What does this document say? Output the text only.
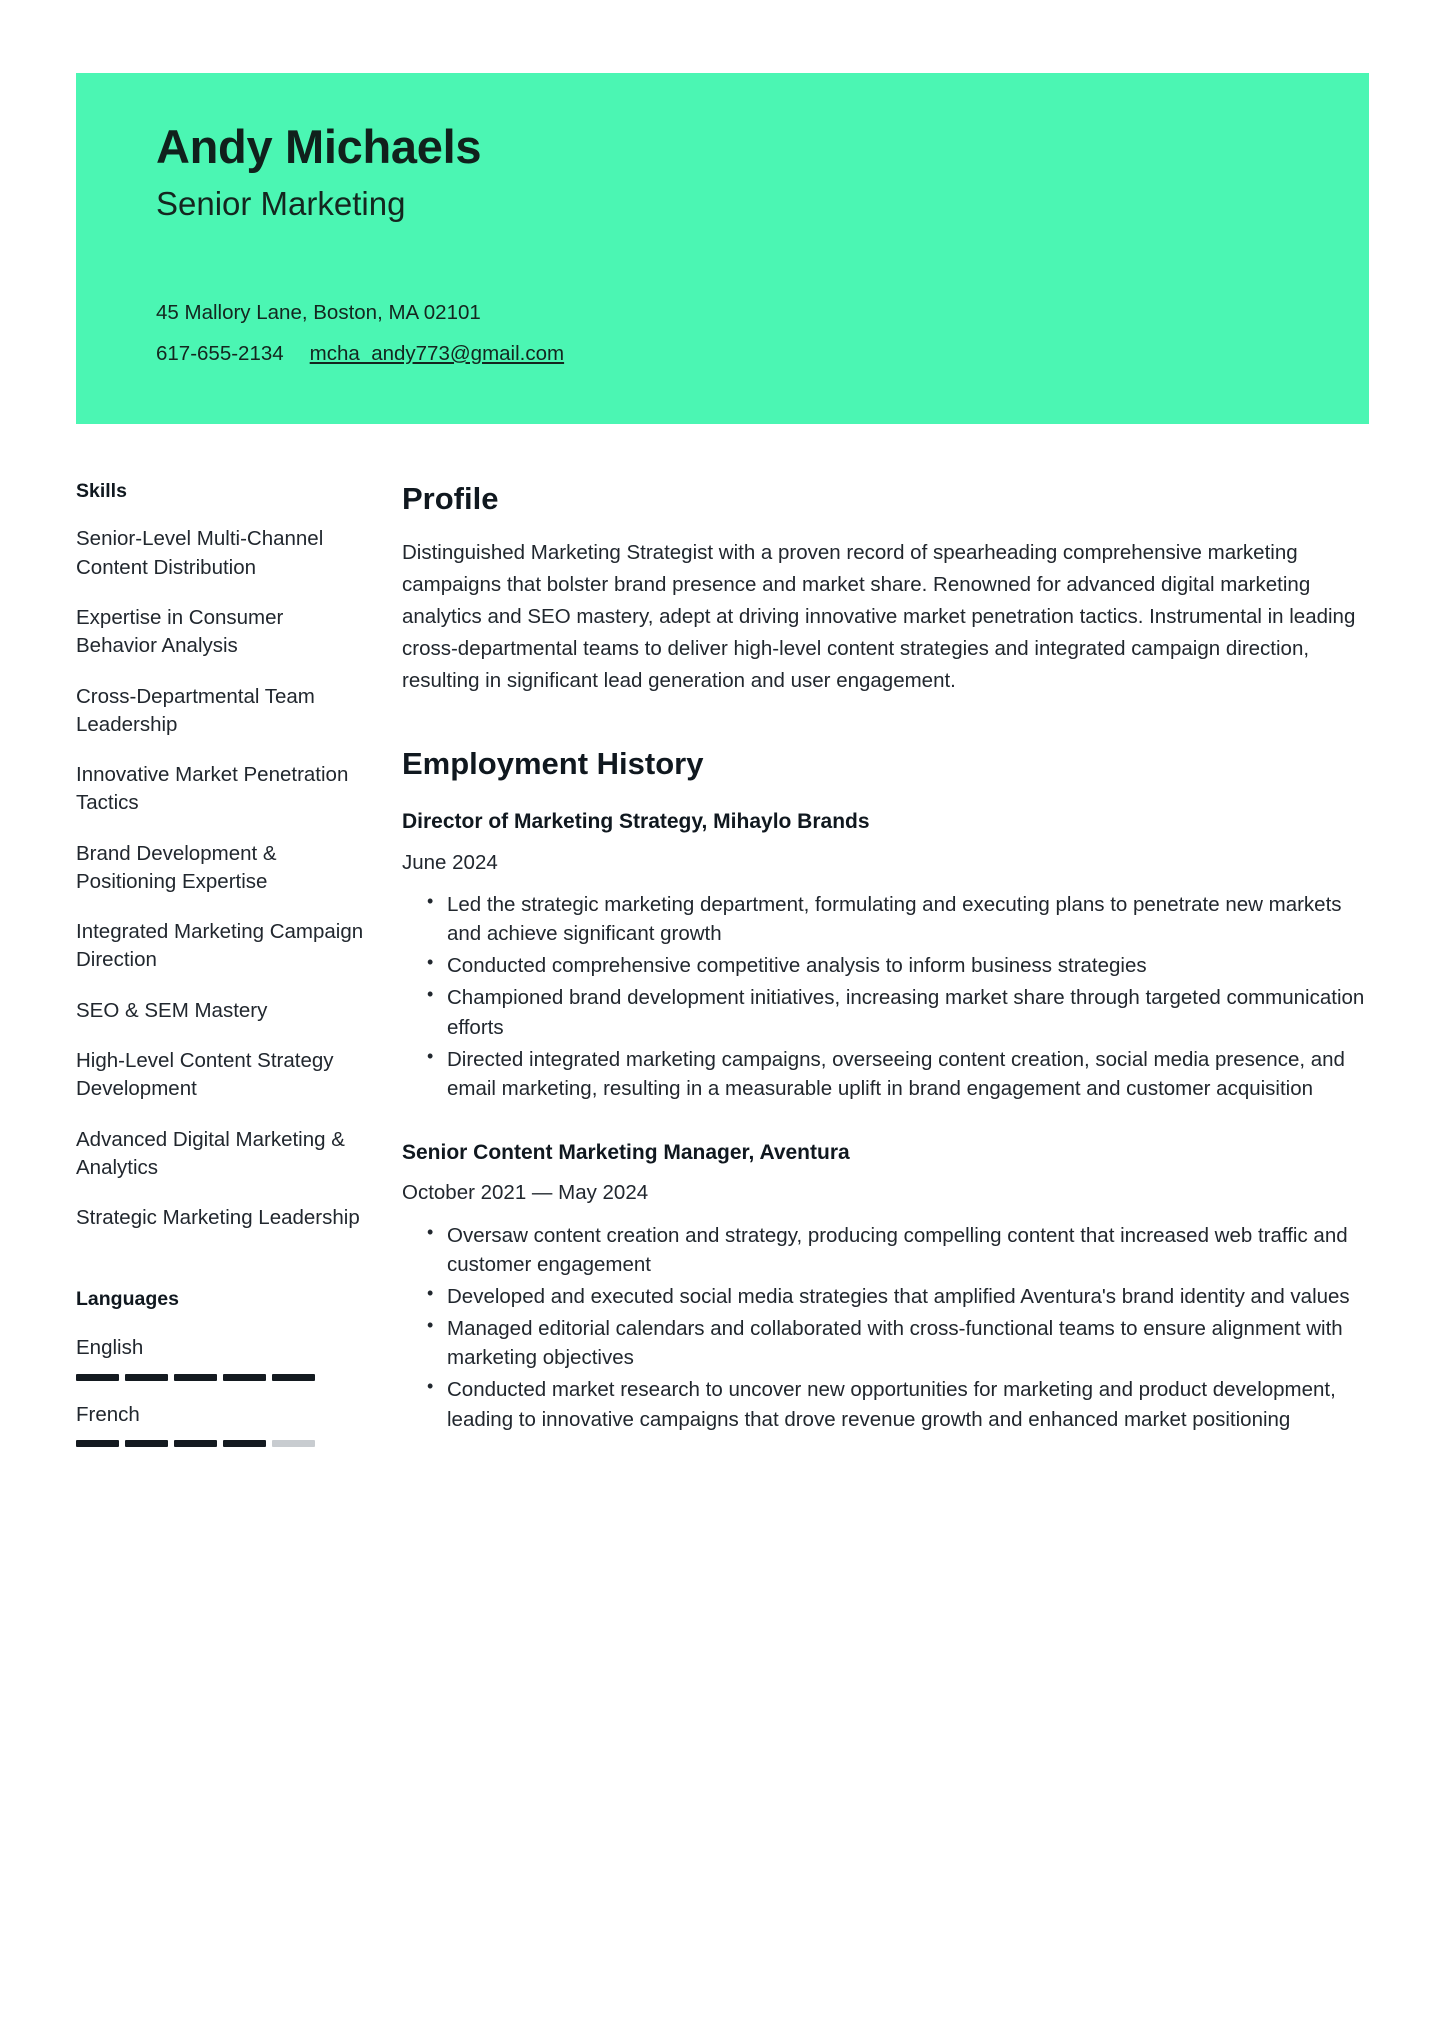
Andy Michaels
Senior Marketing
45 Mallory Lane, Boston, MA 02101
617-655-2134 mcha_andy773@gmail.com
Skills
Senior-Level Multi-Channel Content Distribution
Expertise in Consumer Behavior Analysis
Cross-Departmental Team Leadership
Innovative Market Penetration Tactics
Brand Development & Positioning Expertise
Integrated Marketing Campaign Direction
SEO & SEM Mastery
High-Level Content Strategy Development
Advanced Digital Marketing & Analytics
Strategic Marketing Leadership
Languages
English
French
Profile

Distinguished Marketing Strategist with a proven record of spearheading comprehensive marketing campaigns that bolster brand presence and market share. Renowned for advanced digital marketing analytics and SEO mastery, adept at driving innovative market penetration tactics. Instrumental in leading cross-departmental teams to deliver high-level content strategies and integrated campaign direction, resulting in significant lead generation and user engagement.

Employment History
Director of Marketing Strategy, Mihaylo Brands
June 2024
• Led the strategic marketing department, formulating and executing plans to penetrate new markets and achieve significant growth
• Conducted comprehensive competitive analysis to inform business strategies
• Championed brand development initiatives, increasing market share through targeted communication efforts
• Directed integrated marketing campaigns, overseeing content creation, social media presence, and email marketing, resulting in a measurable uplift in brand engagement and customer acquisition
Senior Content Marketing Manager, Aventura
October 2021 — May 2024
• Oversaw content creation and strategy, producing compelling content that increased web traffic and customer engagement
• Developed and executed social media strategies that amplified Aventura's brand identity and values
• Managed editorial calendars and collaborated with cross-functional teams to ensure alignment with marketing objectives
• Conducted market research to uncover new opportunities for marketing and product development, leading to innovative campaigns that drove revenue growth and enhanced market positioning
